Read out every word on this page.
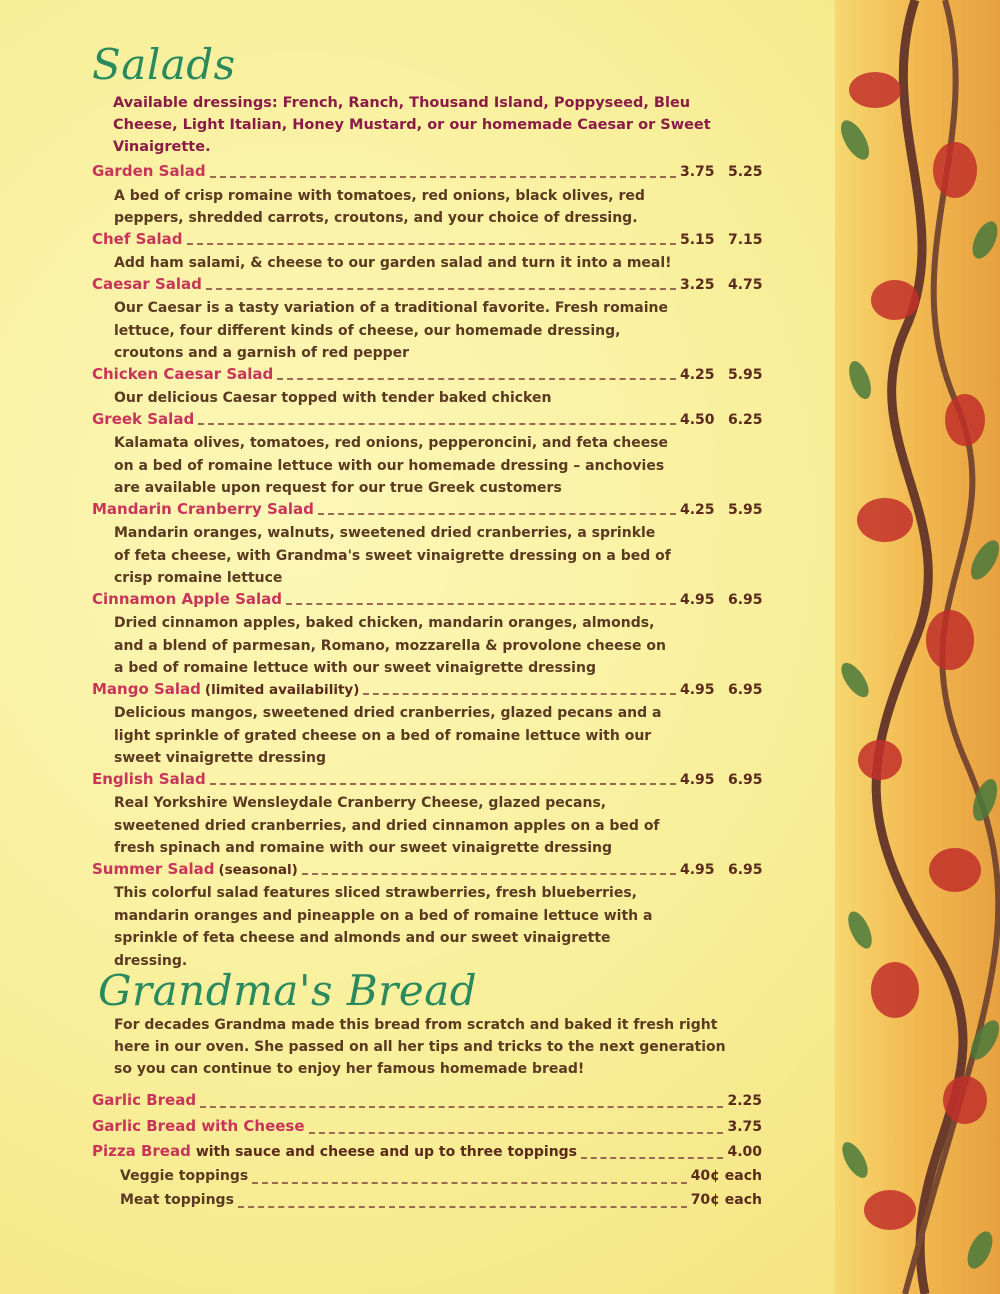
Salads
Available dressings: French, Ranch, Thousand Island, Poppyseed, Bleu Cheese, Light Italian, Honey Mustard, or our homemade Caesar or Sweet Vinaigrette.
Garden Salad	3.75 5.25
A bed of crisp romaine with tomatoes, red onions, black olives, red peppers, shredded carrots, croutons, and your choice of dressing.
Chef Salad	5.15 7.15
Add ham salami, & cheese to our garden salad and turn it into a meal!
Caesar Salad	3.25 4.75
Our Caesar is a tasty variation of a traditional favorite. Fresh romaine lettuce, four different kinds of cheese, our homemade dressing, croutons and a garnish of red pepper
Chicken Caesar Salad	4.25 5.95
Our delicious Caesar topped with tender baked chicken
Greek Salad	4.50 6.25
Kalamata olives, tomatoes, red onions, pepperoncini, and feta cheese on a bed of romaine lettuce with our homemade dressing – anchovies are available upon request for our true Greek customers
Mandarin Cranberry Salad	4.25 5.95
Mandarin oranges, walnuts, sweetened dried cranberries, a sprinkle of feta cheese, with Grandma's sweet vinaigrette dressing on a bed of crisp romaine lettuce
Cinnamon Apple Salad	4.95 6.95
Dried cinnamon apples, baked chicken, mandarin oranges, almonds, and a blend of parmesan, Romano, mozzarella & provolone cheese on a bed of romaine lettuce with our sweet vinaigrette dressing
Mango Salad (limited availability)	4.95 6.95
Delicious mangos, sweetened dried cranberries, glazed pecans and a light sprinkle of grated cheese on a bed of romaine lettuce with our sweet vinaigrette dressing
English Salad	4.95 6.95
Real Yorkshire Wensleydale Cranberry Cheese, glazed pecans, sweetened dried cranberries, and dried cinnamon apples on a bed of fresh spinach and romaine with our sweet vinaigrette dressing
Summer Salad (seasonal)	4.95 6.95
This colorful salad features sliced strawberries, fresh blueberries, mandarin oranges and pineapple on a bed of romaine lettuce with a sprinkle of feta cheese and almonds and our sweet vinaigrette dressing.
Grandma's Bread
For decades Grandma made this bread from scratch and baked it fresh right here in our oven. She passed on all her tips and tricks to the next generation so you can continue to enjoy her famous homemade bread!
Garlic Bread	2.25
Garlic Bread with Cheese	3.75
Pizza Bread with sauce and cheese and up to three toppings	4.00
Veggie toppings	40¢ each
Meat toppings	70¢ each
